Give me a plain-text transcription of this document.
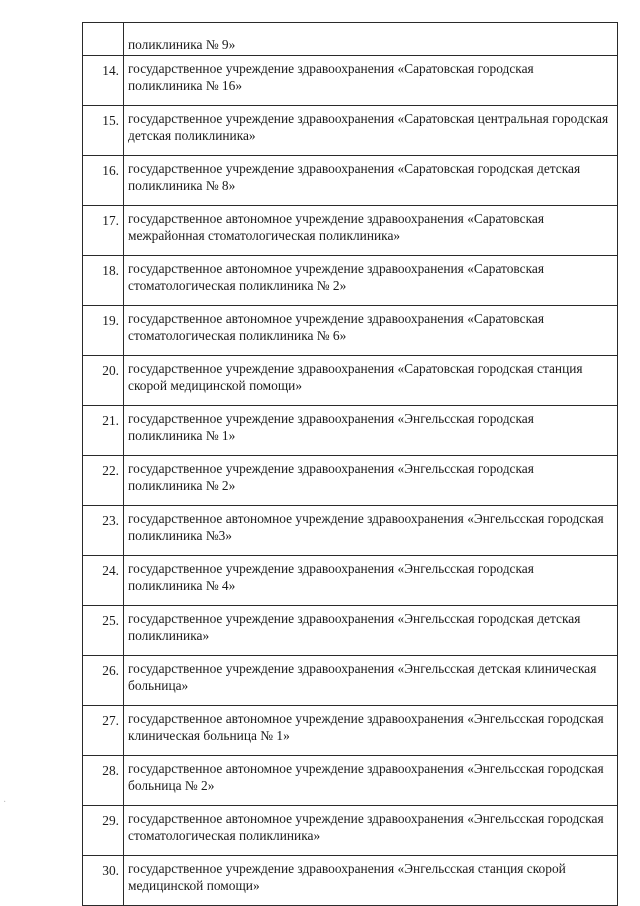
	поликлиника № 9»
14.	государственное учреждение здравоохранения «Саратовская городская поликлиника № 16»
15.	государственное учреждение здравоохранения «Саратовская центральная городская детская поликлиника»
16.	государственное учреждение здравоохранения «Саратовская городская детская поликлиника № 8»
17.	государственное автономное учреждение здравоохранения «Саратовская межрайонная стоматологическая поликлиника»
18.	государственное автономное учреждение здравоохранения «Саратовская стоматологическая поликлиника № 2»
19.	государственное автономное учреждение здравоохранения «Саратовская стоматологическая поликлиника № 6»
20.	государственное учреждение здравоохранения «Саратовская городская станция скорой медицинской помощи»
21.	государственное учреждение здравоохранения «Энгельсская городская поликлиника № 1»
22.	государственное учреждение здравоохранения «Энгельсская городская поликлиника № 2»
23.	государственное автономное учреждение здравоохранения «Энгельсская городская поликлиника №3»
24.	государственное учреждение здравоохранения «Энгельсская городская поликлиника № 4»
25.	государственное учреждение здравоохранения «Энгельсская городская детская поликлиника»
26.	государственное учреждение здравоохранения «Энгельсская детская клиническая больница»
27.	государственное автономное учреждение здравоохранения «Энгельсская городская клиническая больница № 1»
28.	государственное автономное учреждение здравоохранения «Энгельсская городская больница № 2»
29.	государственное автономное учреждение здравоохранения «Энгельсская городская стоматологическая поликлиника»
30.	государственное учреждение здравоохранения «Энгельсская станция скорой медицинской помощи»
·
